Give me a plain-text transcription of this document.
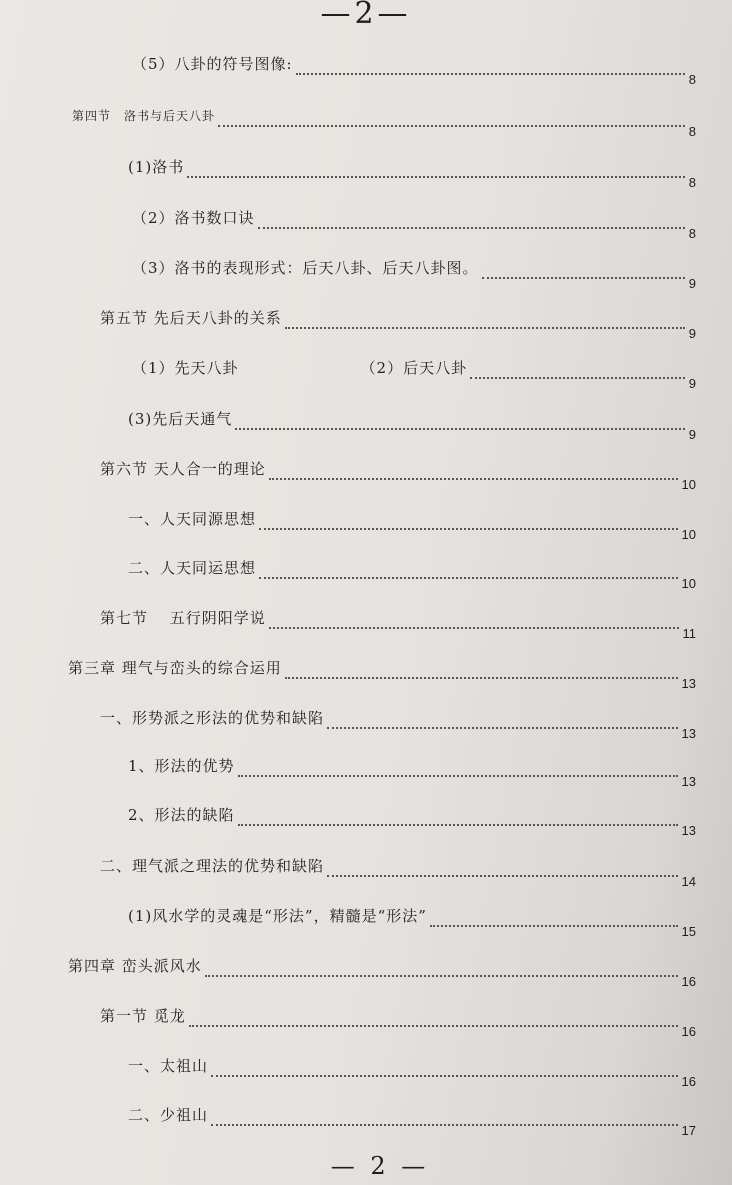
—2—
（5）八卦的符号图像:
8
第四节　洛书与后天八卦
8
(1)洛书
8
（2）洛书数口诀
8
（3）洛书的表现形式：后天八卦、后天八卦图。
9
第五节 先后天八卦的关系
9
（1）先天八卦	（2）后天八卦
9
(3)先后天通气
9
第六节 天人合一的理论
10
一、人天同源思想
10
二、人天同运思想
10
第七节　 五行阴阳学说
11
第三章 理气与峦头的综合运用
13
一、形势派之形法的优势和缺陷
13
1、形法的优势
13
2、形法的缺陷
13
二、理气派之理法的优势和缺陷
14
(1)风水学的灵魂是“形法”，精髓是“形法”
15
第四章 峦头派风水
16
第一节 觅龙
16
一、太祖山
16
二、少祖山
17
— 2 —
